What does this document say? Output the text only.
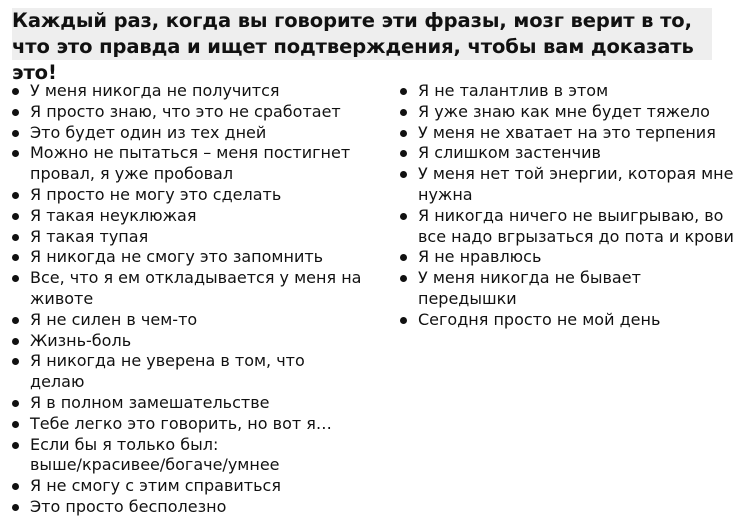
Каждый раз, когда вы говорите эти фразы, мозг верит в то,
что это правда и ищет подтверждения, чтобы вам доказать
это!
У меня никогда не получится
Я просто знаю, что это не сработает
Это будет один из тех дней
Можно не пытаться – меня постигнет
провал, я уже пробовал
Я просто не могу это сделать
Я такая неуклюжая
Я такая тупая
Я никогда не смогу это запомнить
Все, что я ем откладывается у меня на
животе
Я не силен в чем-то
Жизнь-боль
Я никогда не уверена в том, что
делаю
Я в полном замешательстве
Тебе легко это говорить, но вот я…
Если бы я только был:
выше/красивее/богаче/умнее
Я не смогу с этим справиться
Это просто бесполезно
Я не талантлив в этом
Я уже знаю как мне будет тяжело
У меня не хватает на это терпения
Я слишком застенчив
У меня нет той энергии, которая мне
нужна
Я никогда ничего не выигрываю, во
все надо вгрызаться до пота и крови
Я не нравлюсь
У меня никогда не бывает
передышки
Сегодня просто не мой день
